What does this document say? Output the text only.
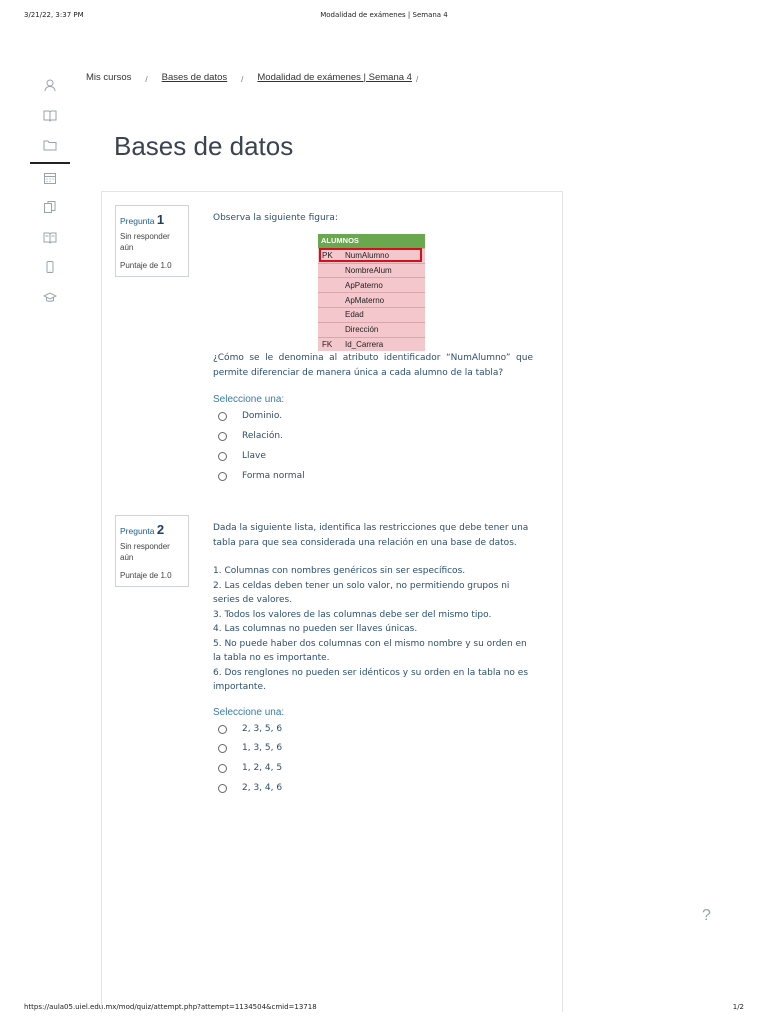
3/21/22, 3:37 PM	Modalidad de exámenes | Semana 4
https://aula05.uiel.edu.mx/mod/quiz/attempt.php?attempt=1134504&cmid=13718	1/2
Mis cursos / Bases de datos / Modalidad de exámenes | Semana 4 /
Bases de datos
Pregunta 1
Sin responder
aún
Puntaje de 1.0
Observa la siguiente figura:
ALUMNOS	
PK	NumAlumno
	NombreAlum
	ApPaterno
	ApMaterno
	Edad
	Dirección
FK	Id_Carrera
¿Cómo se le denomina al atributo identificador “NumAlumno” que permite diferenciar de manera única a cada alumno de la tabla?
Seleccione una:
Dominio.
Relación.
Llave
Forma normal
Pregunta 2
Sin responder
aún
Puntaje de 1.0
Dada la siguiente lista, identifica las restricciones que debe tener una tabla para que sea considerada una relación en una base de datos.
1. Columnas con nombres genéricos sin ser específicos.
2. Las celdas deben tener un solo valor, no permitiendo grupos ni series de valores.
3. Todos los valores de las columnas debe ser del mismo tipo.
4. Las columnas no pueden ser llaves únicas.
5. No puede haber dos columnas con el mismo nombre y su orden en la tabla no es importante.
6. Dos renglones no pueden ser idénticos y su orden en la tabla no es importante.
Seleccione una:
2, 3, 5, 6
1, 3, 5, 6
1, 2, 4, 5
2, 3, 4, 6
?
